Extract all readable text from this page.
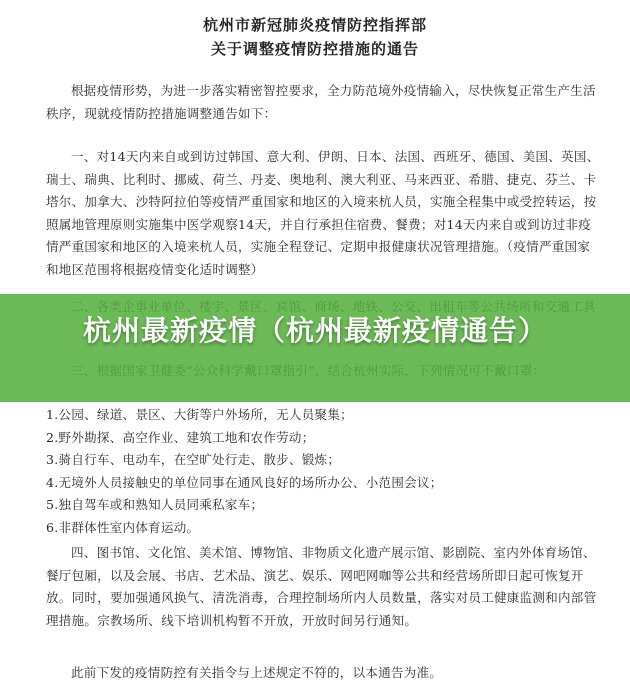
杭州市新冠肺炎疫情防控指挥部
关于调整疫情防控措施的通告

根据疫情形势，为进一步落实精密智控要求，全力防范境外疫情输入，尽快恢复正常生产生活秩序，现就疫情防控措施调整通告如下：

一、对14天内来自或到访过韩国、意大利、伊朗、日本、法国、西班牙、德国、美国、英国、瑞士、瑞典、比利时、挪威、荷兰、丹麦、奥地利、澳大利亚、马来西亚、希腊、捷克、芬兰、卡塔尔、加拿大、沙特阿拉伯等疫情严重国家和地区的入境来杭人员，实施全程集中或受控转运，按照属地管理原则实施集中医学观察14天，并自行承担住宿费、餐费；对14天内来自或到访过非疫情严重国家和地区的入境来杭人员，实施全程登记、定期申报健康状况管理措施。（疫情严重国家和地区范围将根据疫情变化适时调整）

1.公园、绿道、景区、大街等户外场所，无人员聚集；
2.野外勘探、高空作业、建筑工地和农作劳动；
3.骑自行车、电动车，在空旷处行走、散步、锻炼；
4.无境外人员接触史的单位同事在通风良好的场所办公、小范围会议；
5.独自驾车或和熟知人员同乘私家车；
6.非群体性室内体育运动。

四、图书馆、文化馆、美术馆、博物馆、非物质文化遗产展示馆、影剧院、室内外体育场馆、餐厅包厢，以及会展、书店、艺术品、演艺、娱乐、网吧网咖等公共和经营场所即日起可恢复开放。同时，要加强通风换气、清洗消毒，合理控制场所内人员数量，落实对员工健康监测和内部管理措施。宗教场所、线下培训机构暂不开放，开放时间另行通知。

此前下发的疫情防控有关指令与上述规定不符的，以本通告为准。

杭州最新疫情（杭州最新疫情通告）
